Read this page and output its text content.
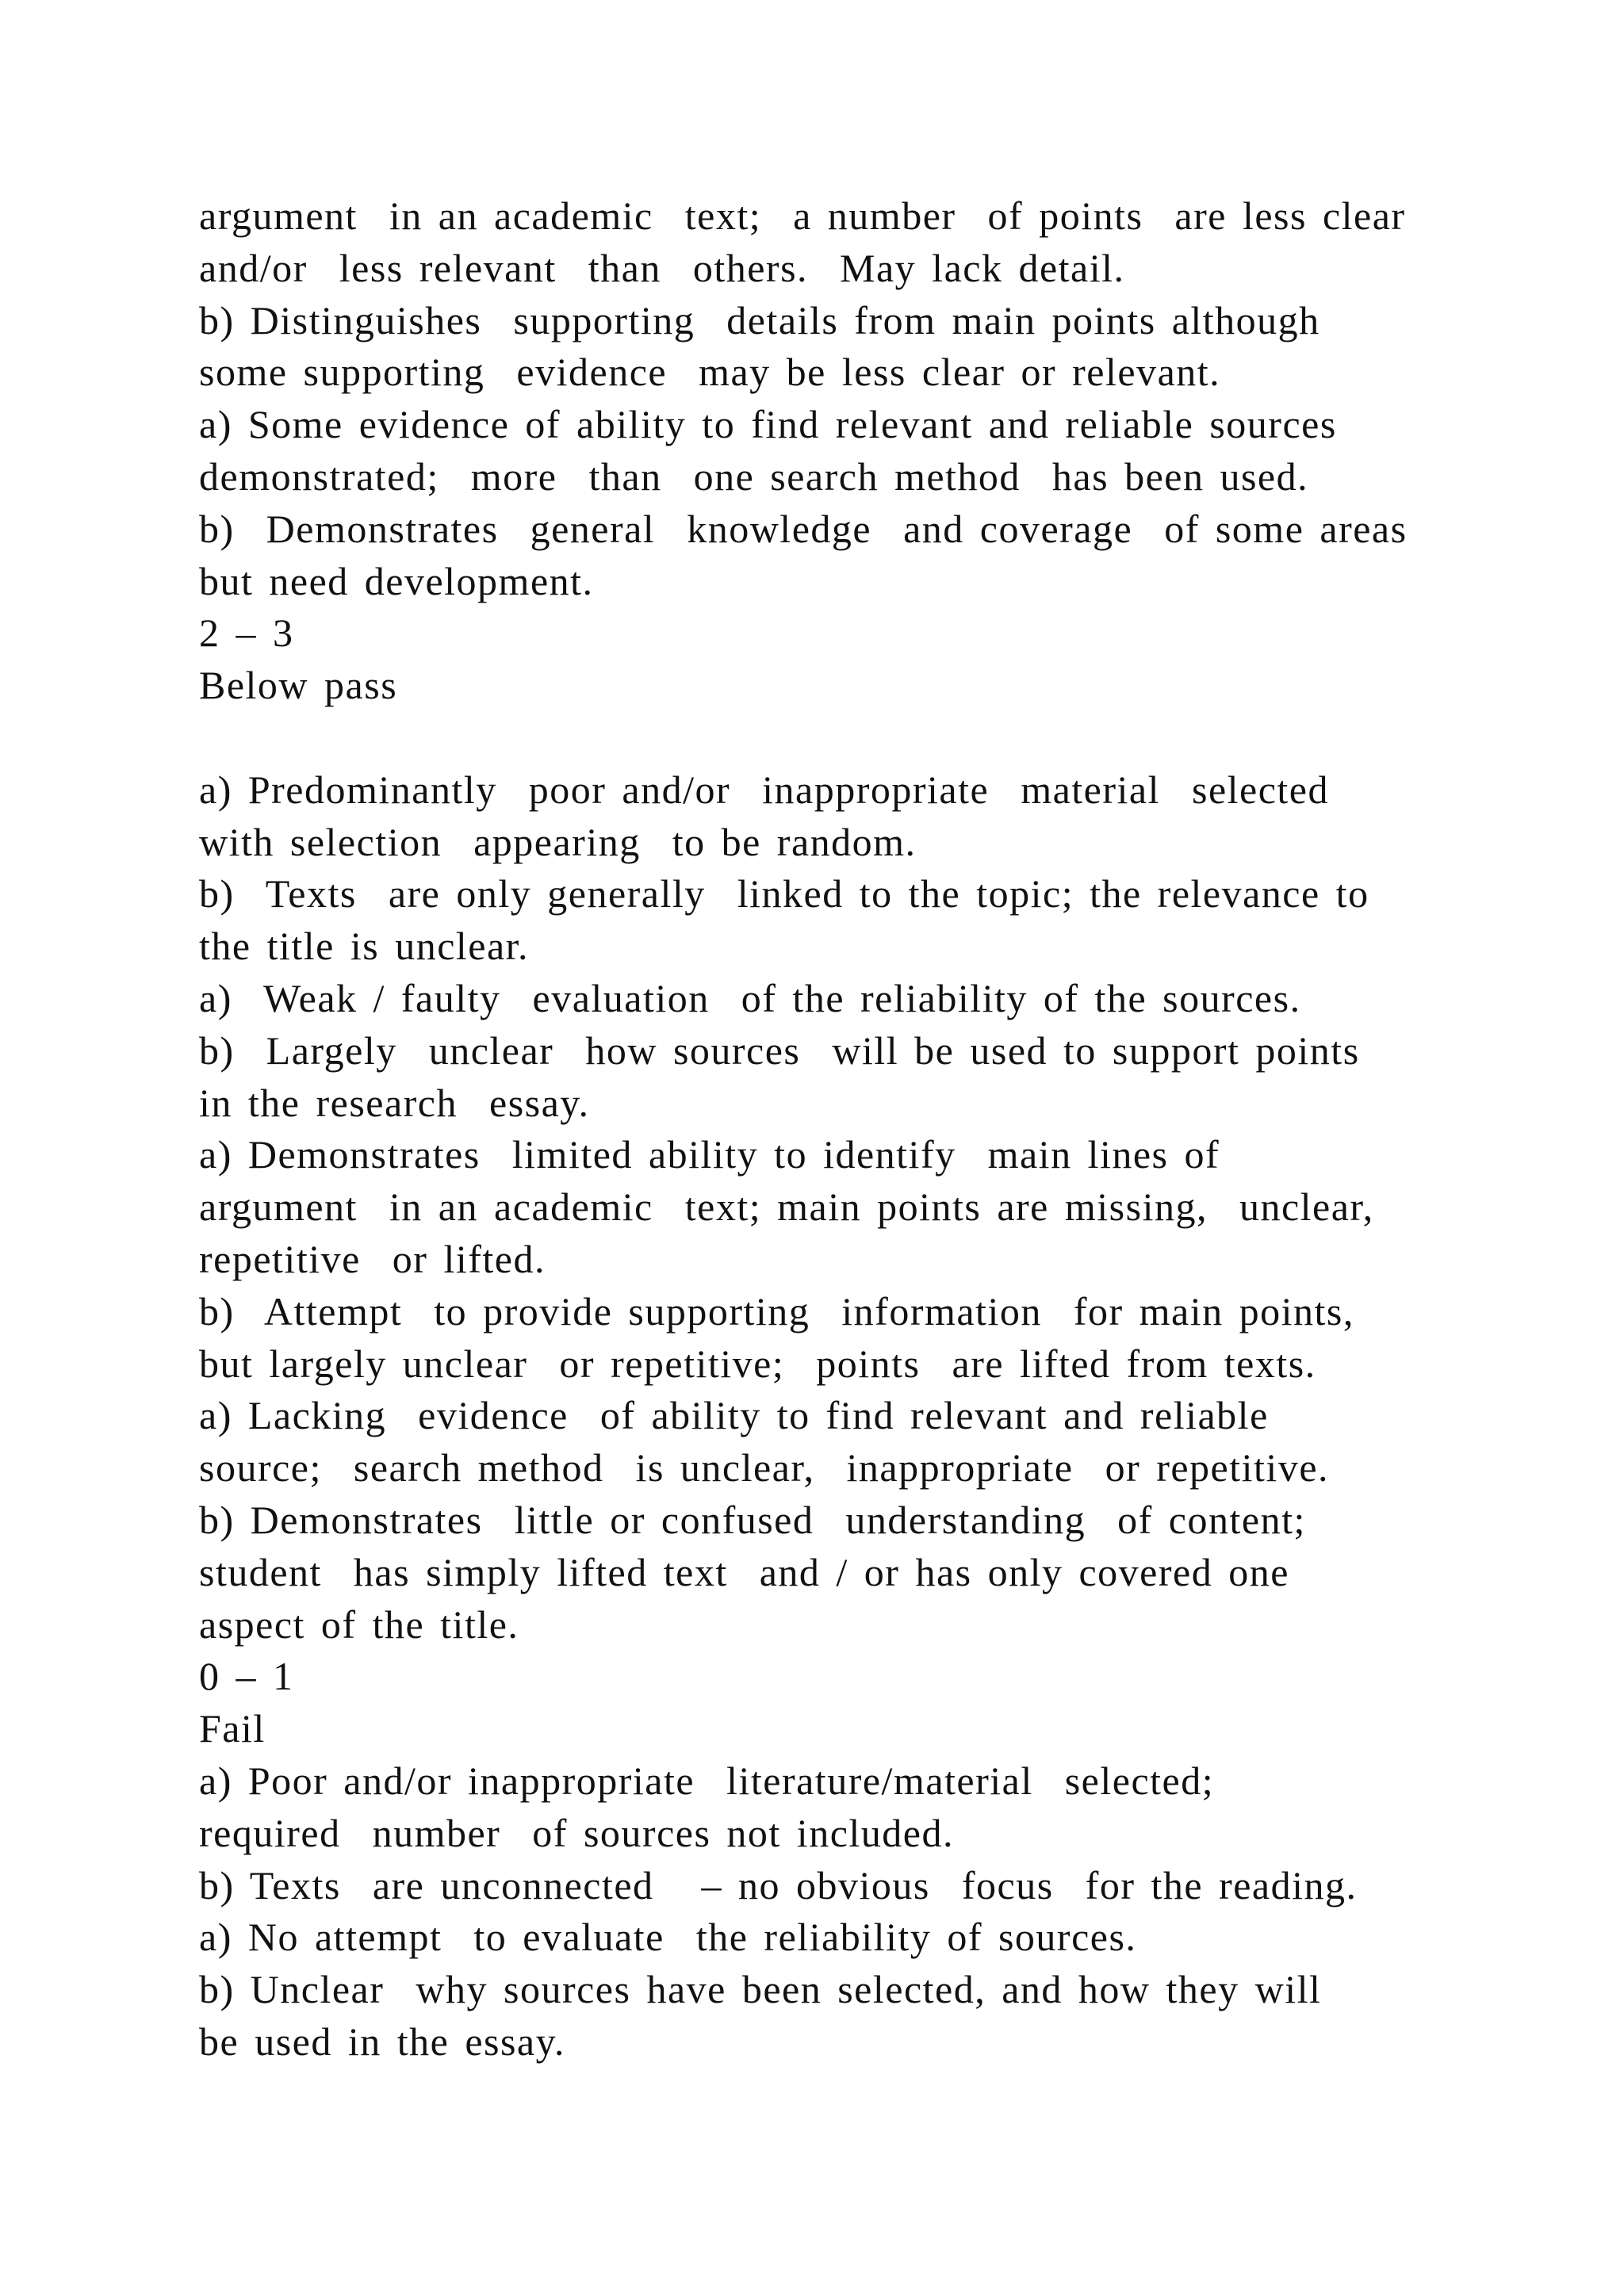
argument  in an academic  text;  a number  of points  are less clear
and/or  less relevant  than  others.  May lack detail.
b) Distinguishes  supporting  details from main points although
some supporting  evidence  may be less clear or relevant.
a) Some evidence of ability to find relevant and reliable sources
demonstrated;  more  than  one search method  has been used.
b)  Demonstrates  general  knowledge  and coverage  of some areas
but need development.
2 – 3
Below pass
a) Predominantly  poor and/or  inappropriate  material  selected
with selection  appearing  to be random.
b)  Texts  are only generally  linked to the topic; the relevance to
the title is unclear.
a)  Weak / faulty  evaluation  of the reliability of the sources.
b)  Largely  unclear  how sources  will be used to support points
in the research  essay.
a) Demonstrates  limited ability to identify  main lines of
argument  in an academic  text; main points are missing,  unclear,
repetitive  or lifted.
b)  Attempt  to provide supporting  information  for main points,
but largely unclear  or repetitive;  points  are lifted from texts.
a) Lacking  evidence  of ability to find relevant and reliable
source;  search method  is unclear,  inappropriate  or repetitive.
b) Demonstrates  little or confused  understanding  of content;
student  has simply lifted text  and / or has only covered one
aspect of the title.
0 – 1
Fail
a) Poor and/or inappropriate  literature/material  selected;
required  number  of sources not included.
b) Texts  are unconnected   – no obvious  focus  for the reading.
a) No attempt  to evaluate  the reliability of sources.
b) Unclear  why sources have been selected, and how they will
be used in the essay.
